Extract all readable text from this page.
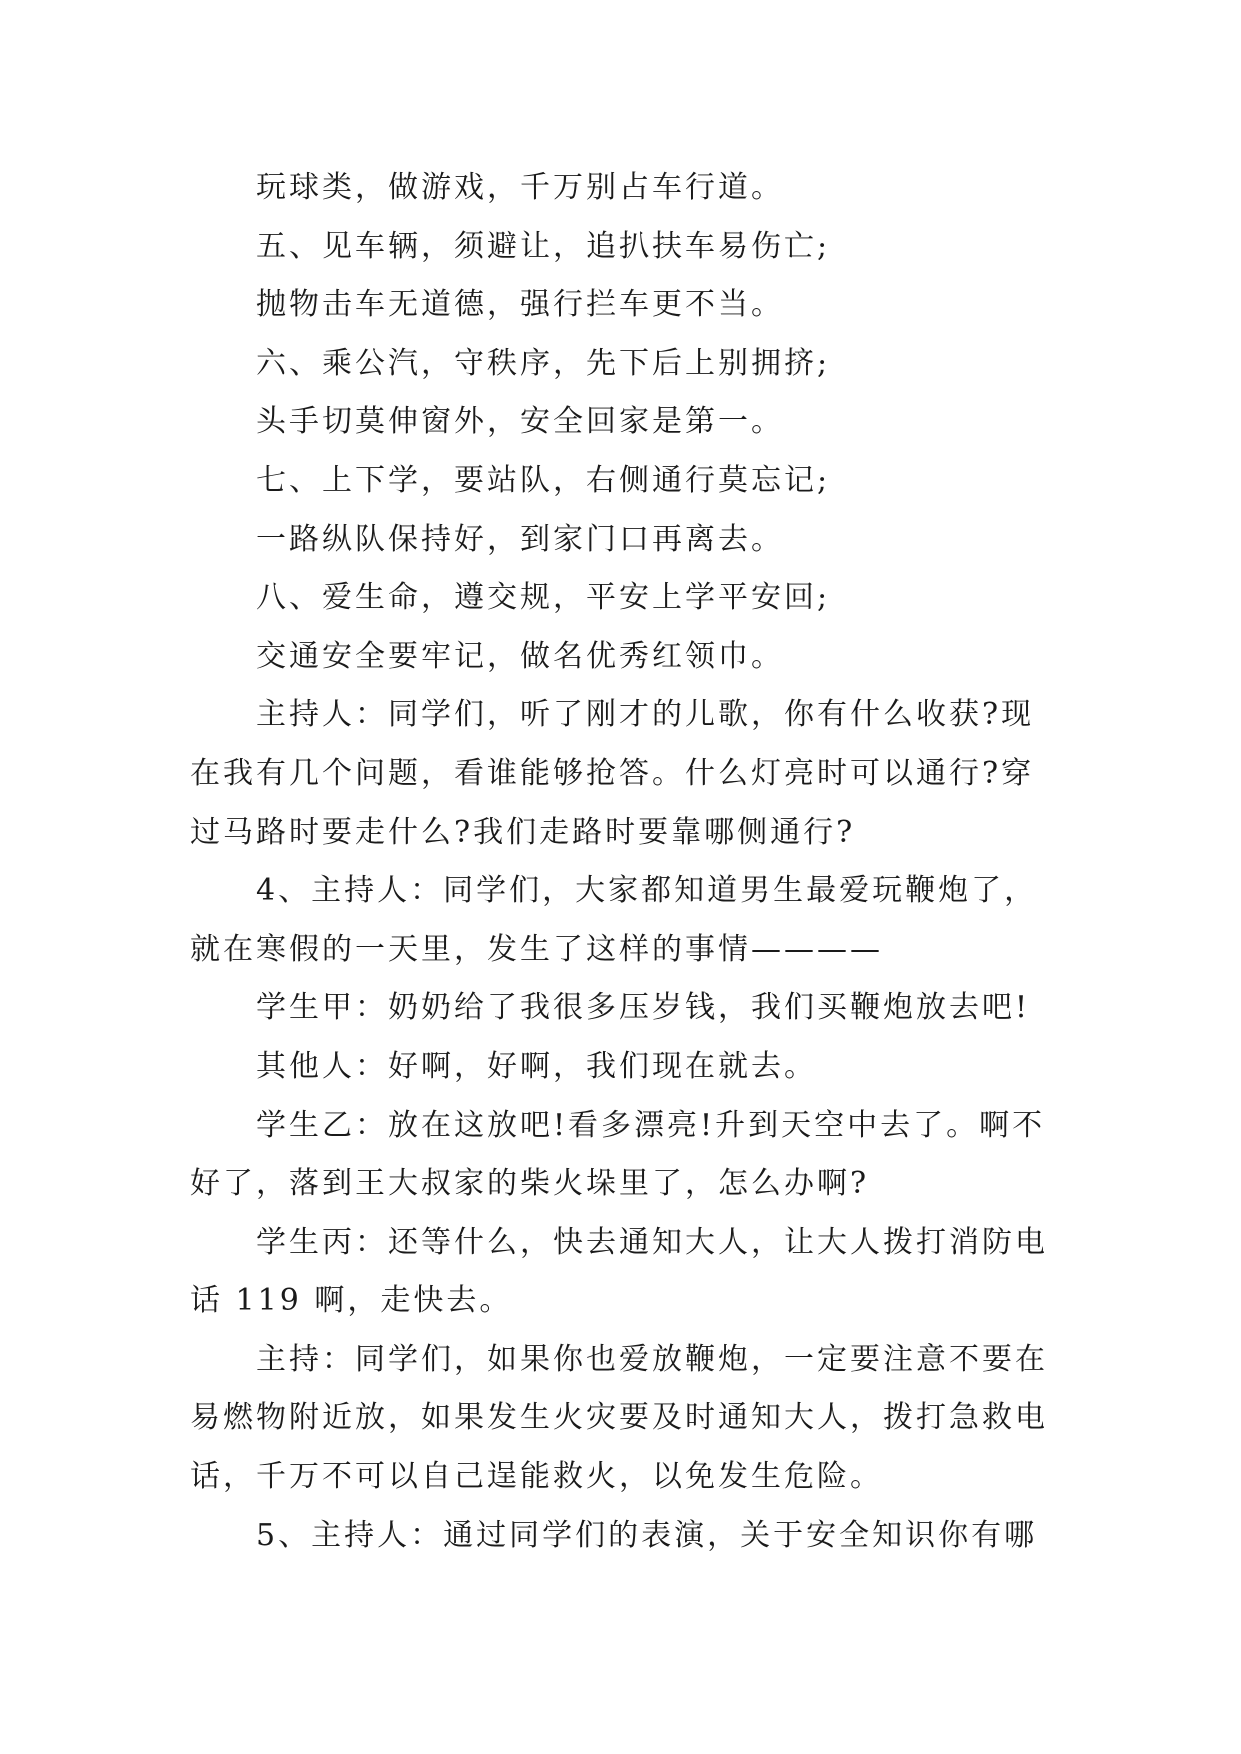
玩球类，做游戏，千万别占车行道。
五、见车辆，须避让，追扒扶车易伤亡;
抛物击车无道德，强行拦车更不当。
六、乘公汽，守秩序，先下后上别拥挤;
头手切莫伸窗外，安全回家是第一。
七、上下学，要站队，右侧通行莫忘记;
一路纵队保持好，到家门口再离去。
八、爱生命，遵交规，平安上学平安回;
交通安全要牢记，做名优秀红领巾。
主持人：同学们，听了刚才的儿歌，你有什么收获?现
在我有几个问题，看谁能够抢答。什么灯亮时可以通行?穿
过马路时要走什么?我们走路时要靠哪侧通行?
4、主持人：同学们，大家都知道男生最爱玩鞭炮了，
就在寒假的一天里，发生了这样的事情————
学生甲：奶奶给了我很多压岁钱，我们买鞭炮放去吧!
其他人：好啊，好啊，我们现在就去。
学生乙：放在这放吧!看多漂亮!升到天空中去了。啊不
好了，落到王大叔家的柴火垛里了，怎么办啊?
学生丙：还等什么，快去通知大人，让大人拨打消防电
话 119 啊，走快去。
主持：同学们，如果你也爱放鞭炮，一定要注意不要在
易燃物附近放，如果发生火灾要及时通知大人，拨打急救电
话，千万不可以自己逞能救火，以免发生危险。
5、主持人：通过同学们的表演，关于安全知识你有哪
